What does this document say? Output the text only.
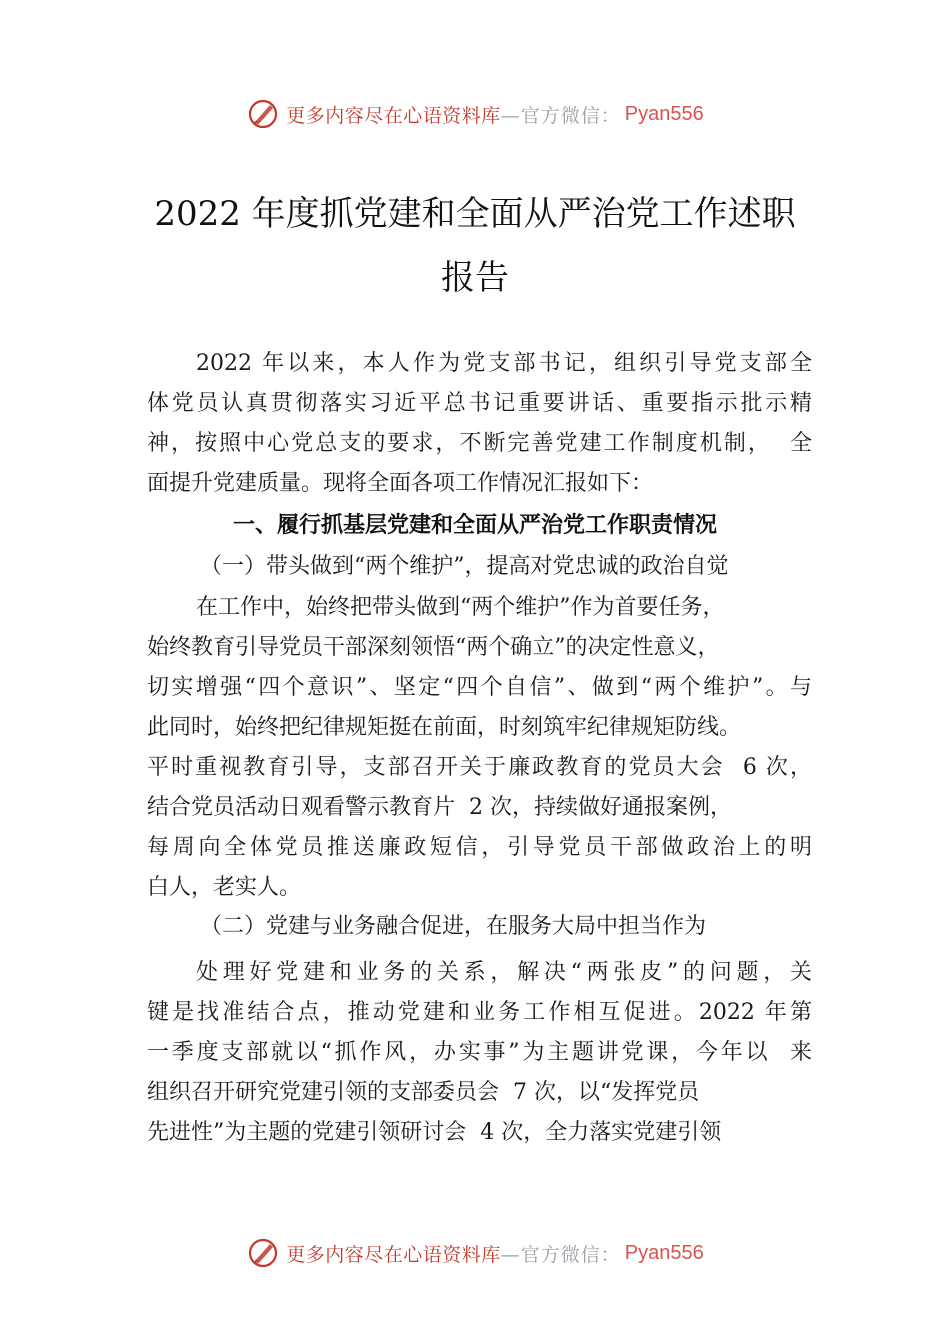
更多内容尽在心语资料库 —官方微信： Pyan556
2022 年度抓党建和全面从严治党工作述职
报告
2022 年以来，本人作为党支部书记，组织引导党支部全
体党员认真贯彻落实习近平总书记重要讲话、重要指示批示精
神，按照中心党总支的要求，不断完善党建工作制度机制，  全
面提升党建质量。现将全面各项工作情况汇报如下：
一、履行抓基层党建和全面从严治党工作职责情况
（一）带头做到“两个维护”，提高对党忠诚的政治自觉
在工作中，始终把带头做到“两个维护”作为首要任务，
始终教育引导党员干部深刻领悟“两个确立”的决定性意义，
切实增强“四个意识”、坚定“四个自信”、做到“两个维护”。与
此同时，始终把纪律规矩挺在前面，时刻筑牢纪律规矩防线。
平时重视教育引导，支部召开关于廉政教育的党员大会  6 次，
结合党员活动日观看警示教育片  2 次，持续做好通报案例，
每周向全体党员推送廉政短信，引导党员干部做政治上的明
白人，老实人。
（二）党建与业务融合促进，在服务大局中担当作为
处理好党建和业务的关系，解决“两张皮”的问题，关
键是找准结合点，推动党建和业务工作相互促进。2022 年第
一季度支部就以“抓作风，办实事”为主题讲党课，今年以  来
组织召开研究党建引领的支部委员会  7 次，以“发挥党员
先进性”为主题的党建引领研讨会  4 次，全力落实党建引领
更多内容尽在心语资料库 —官方微信： Pyan556
